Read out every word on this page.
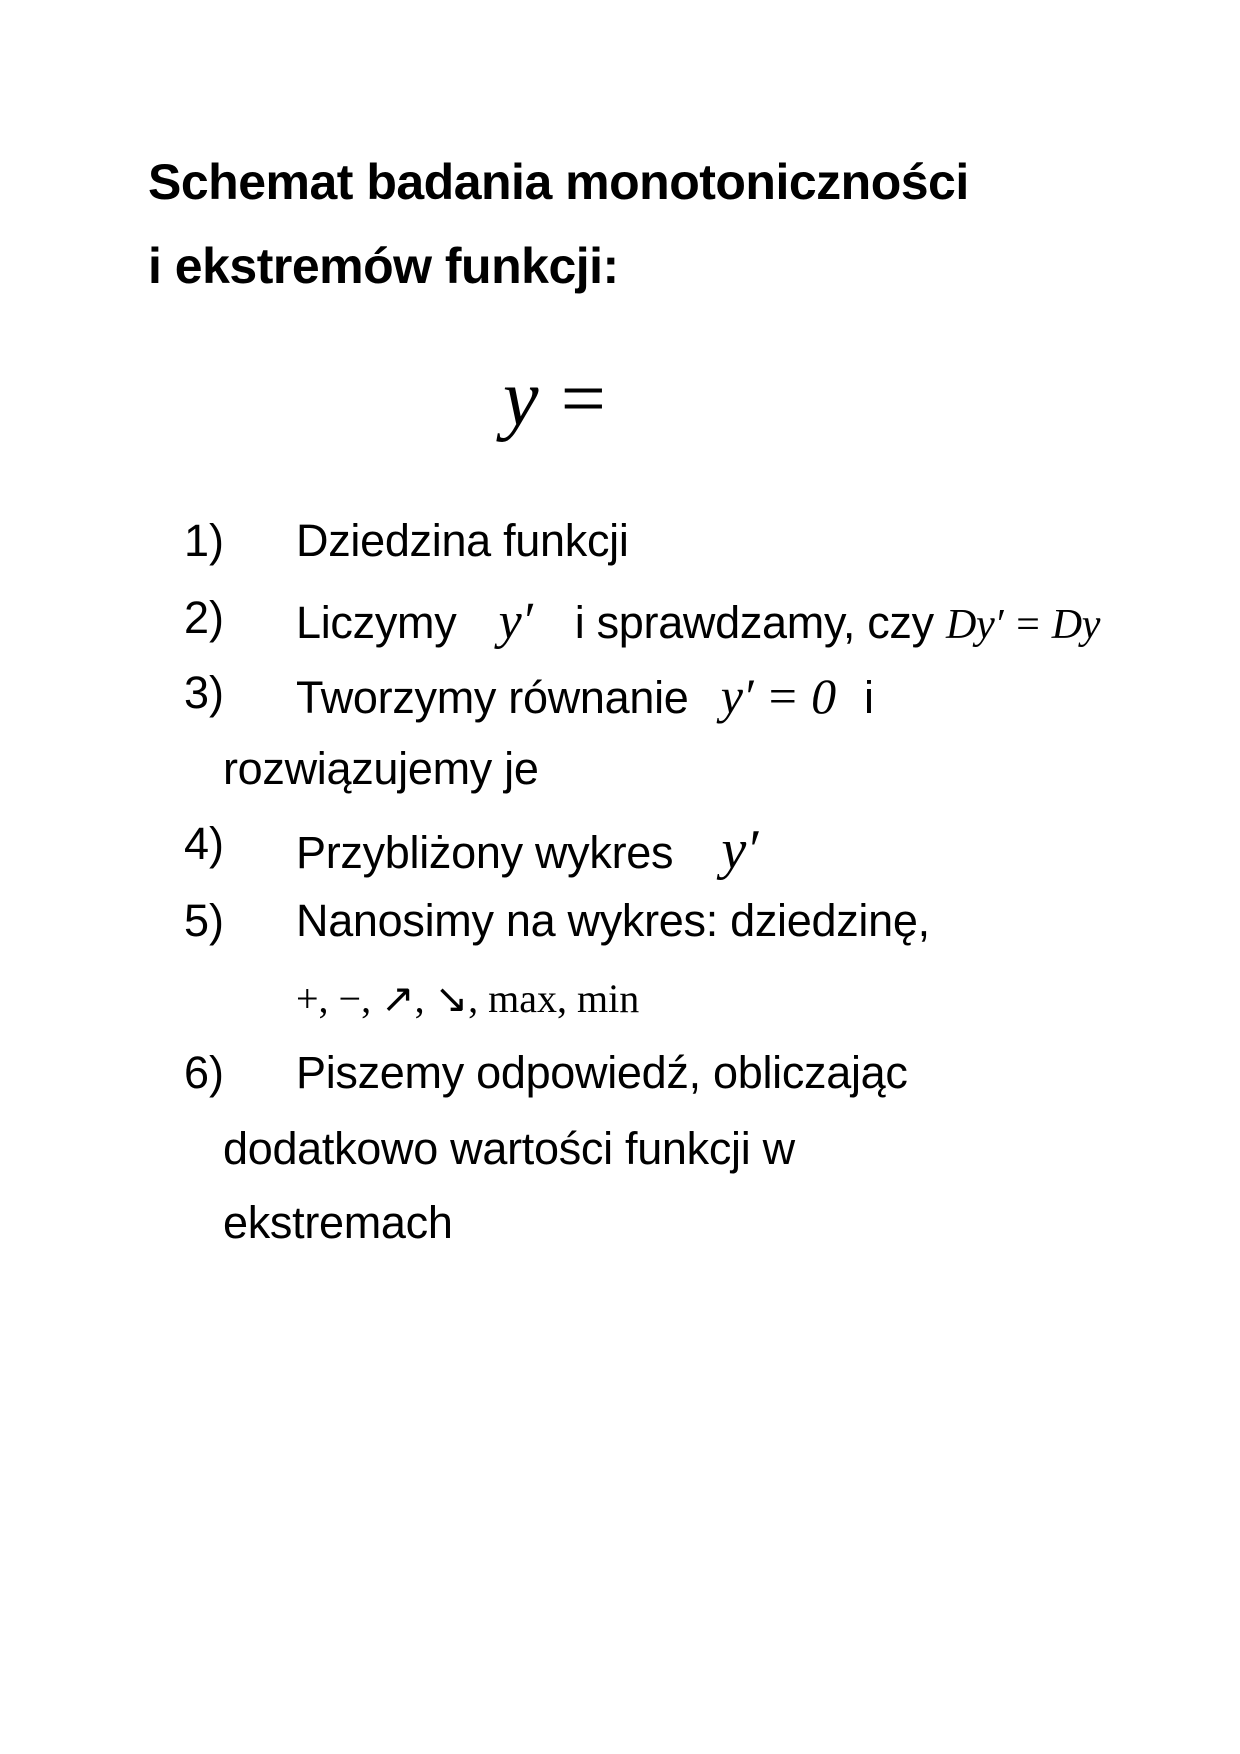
Schemat badania monotoniczności
i ekstremów funkcji:
y =
1) Dziedzina funkcji
2) Liczymy y′ i sprawdzamy, czy Dy′ = Dy
3) Tworzymy równanie y′ = 0 i
rozwiązujemy je
4) Przybliżony wykres y′
5) Nanosimy na wykres: dziedzinę,
+, −, ↗, ↘, max, min
6) Piszemy odpowiedź, obliczając
dodatkowo wartości funkcji w
ekstremach
